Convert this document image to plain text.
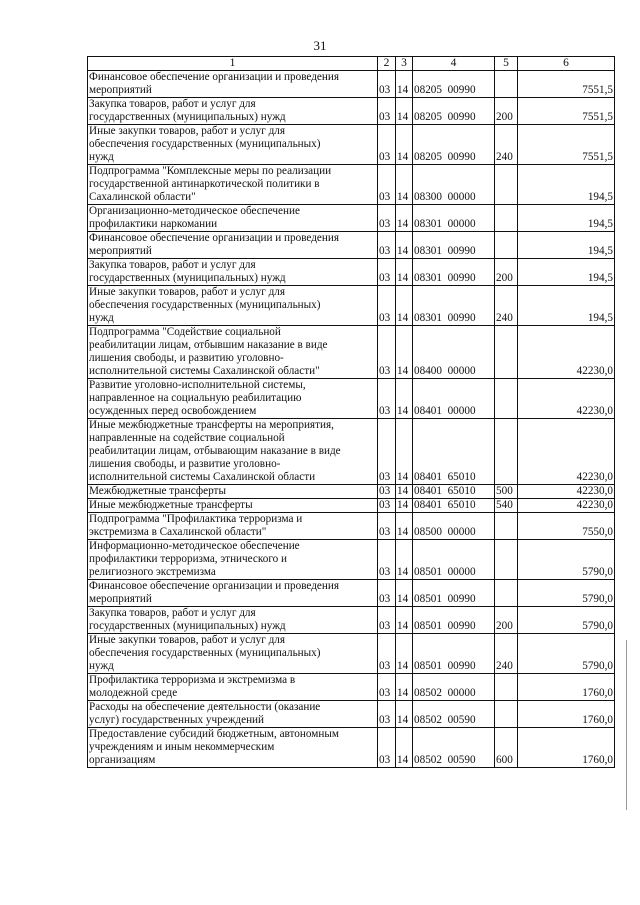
31
1	2	3	4	5	6

Финансовое обеспечение организации и проведения
мероприятий	03	14	08205  00990		7551,5

Закупка товаров, работ и услуг для
государственных (муниципальных) нужд	03	14	08205  00990	200	7551,5

Иные закупки товаров, работ и услуг для
обеспечения государственных (муниципальных)
нужд	03	14	08205  00990	240	7551,5

Подпрограмма "Комплексные меры по реализации
государственной антинаркотической политики в
Сахалинской области"	03	14	08300  00000		194,5

Организационно-методическое обеспечение
профилактики наркомании	03	14	08301  00000		194,5

Финансовое обеспечение организации и проведения
мероприятий	03	14	08301  00990		194,5

Закупка товаров, работ и услуг для
государственных (муниципальных) нужд	03	14	08301  00990	200	194,5

Иные закупки товаров, работ и услуг для
обеспечения государственных (муниципальных)
нужд	03	14	08301  00990	240	194,5

Подпрограмма "Содействие социальной
реабилитации лицам, отбывшим наказание в виде
лишения свободы, и развитию уголовно-
исполнительной системы Сахалинской области"	03	14	08400  00000		42230,0

Развитие уголовно-исполнительной системы,
направленное на социальную реабилитацию
осужденных перед освобождением	03	14	08401  00000		42230,0

Иные межбюджетные трансферты на мероприятия,
направленные на содействие социальной
реабилитации лицам, отбывающим наказание в виде
лишения свободы, и развитие уголовно-
исполнительной системы Сахалинской области	03	14	08401  65010		42230,0

Межбюджетные трансферты	03	14	08401  65010	500	42230,0

Иные межбюджетные трансферты	03	14	08401  65010	540	42230,0

Подпрограмма "Профилактика терроризма и
экстремизма в Сахалинской области"	03	14	08500  00000		7550,0

Информационно-методическое обеспечение
профилактики терроризма, этнического и
религиозного экстремизма	03	14	08501  00000		5790,0

Финансовое обеспечение организации и проведения
мероприятий	03	14	08501  00990		5790,0

Закупка товаров, работ и услуг для
государственных (муниципальных) нужд	03	14	08501  00990	200	5790,0

Иные закупки товаров, работ и услуг для
обеспечения государственных (муниципальных)
нужд	03	14	08501  00990	240	5790,0

Профилактика терроризма и экстремизма в
молодежной среде	03	14	08502  00000		1760,0

Расходы на обеспечение деятельности (оказание
услуг) государственных учреждений	03	14	08502  00590		1760,0

Предоставление субсидий бюджетным, автономным
учреждениям и иным некоммерческим
организациям	03	14	08502  00590	600	1760,0
